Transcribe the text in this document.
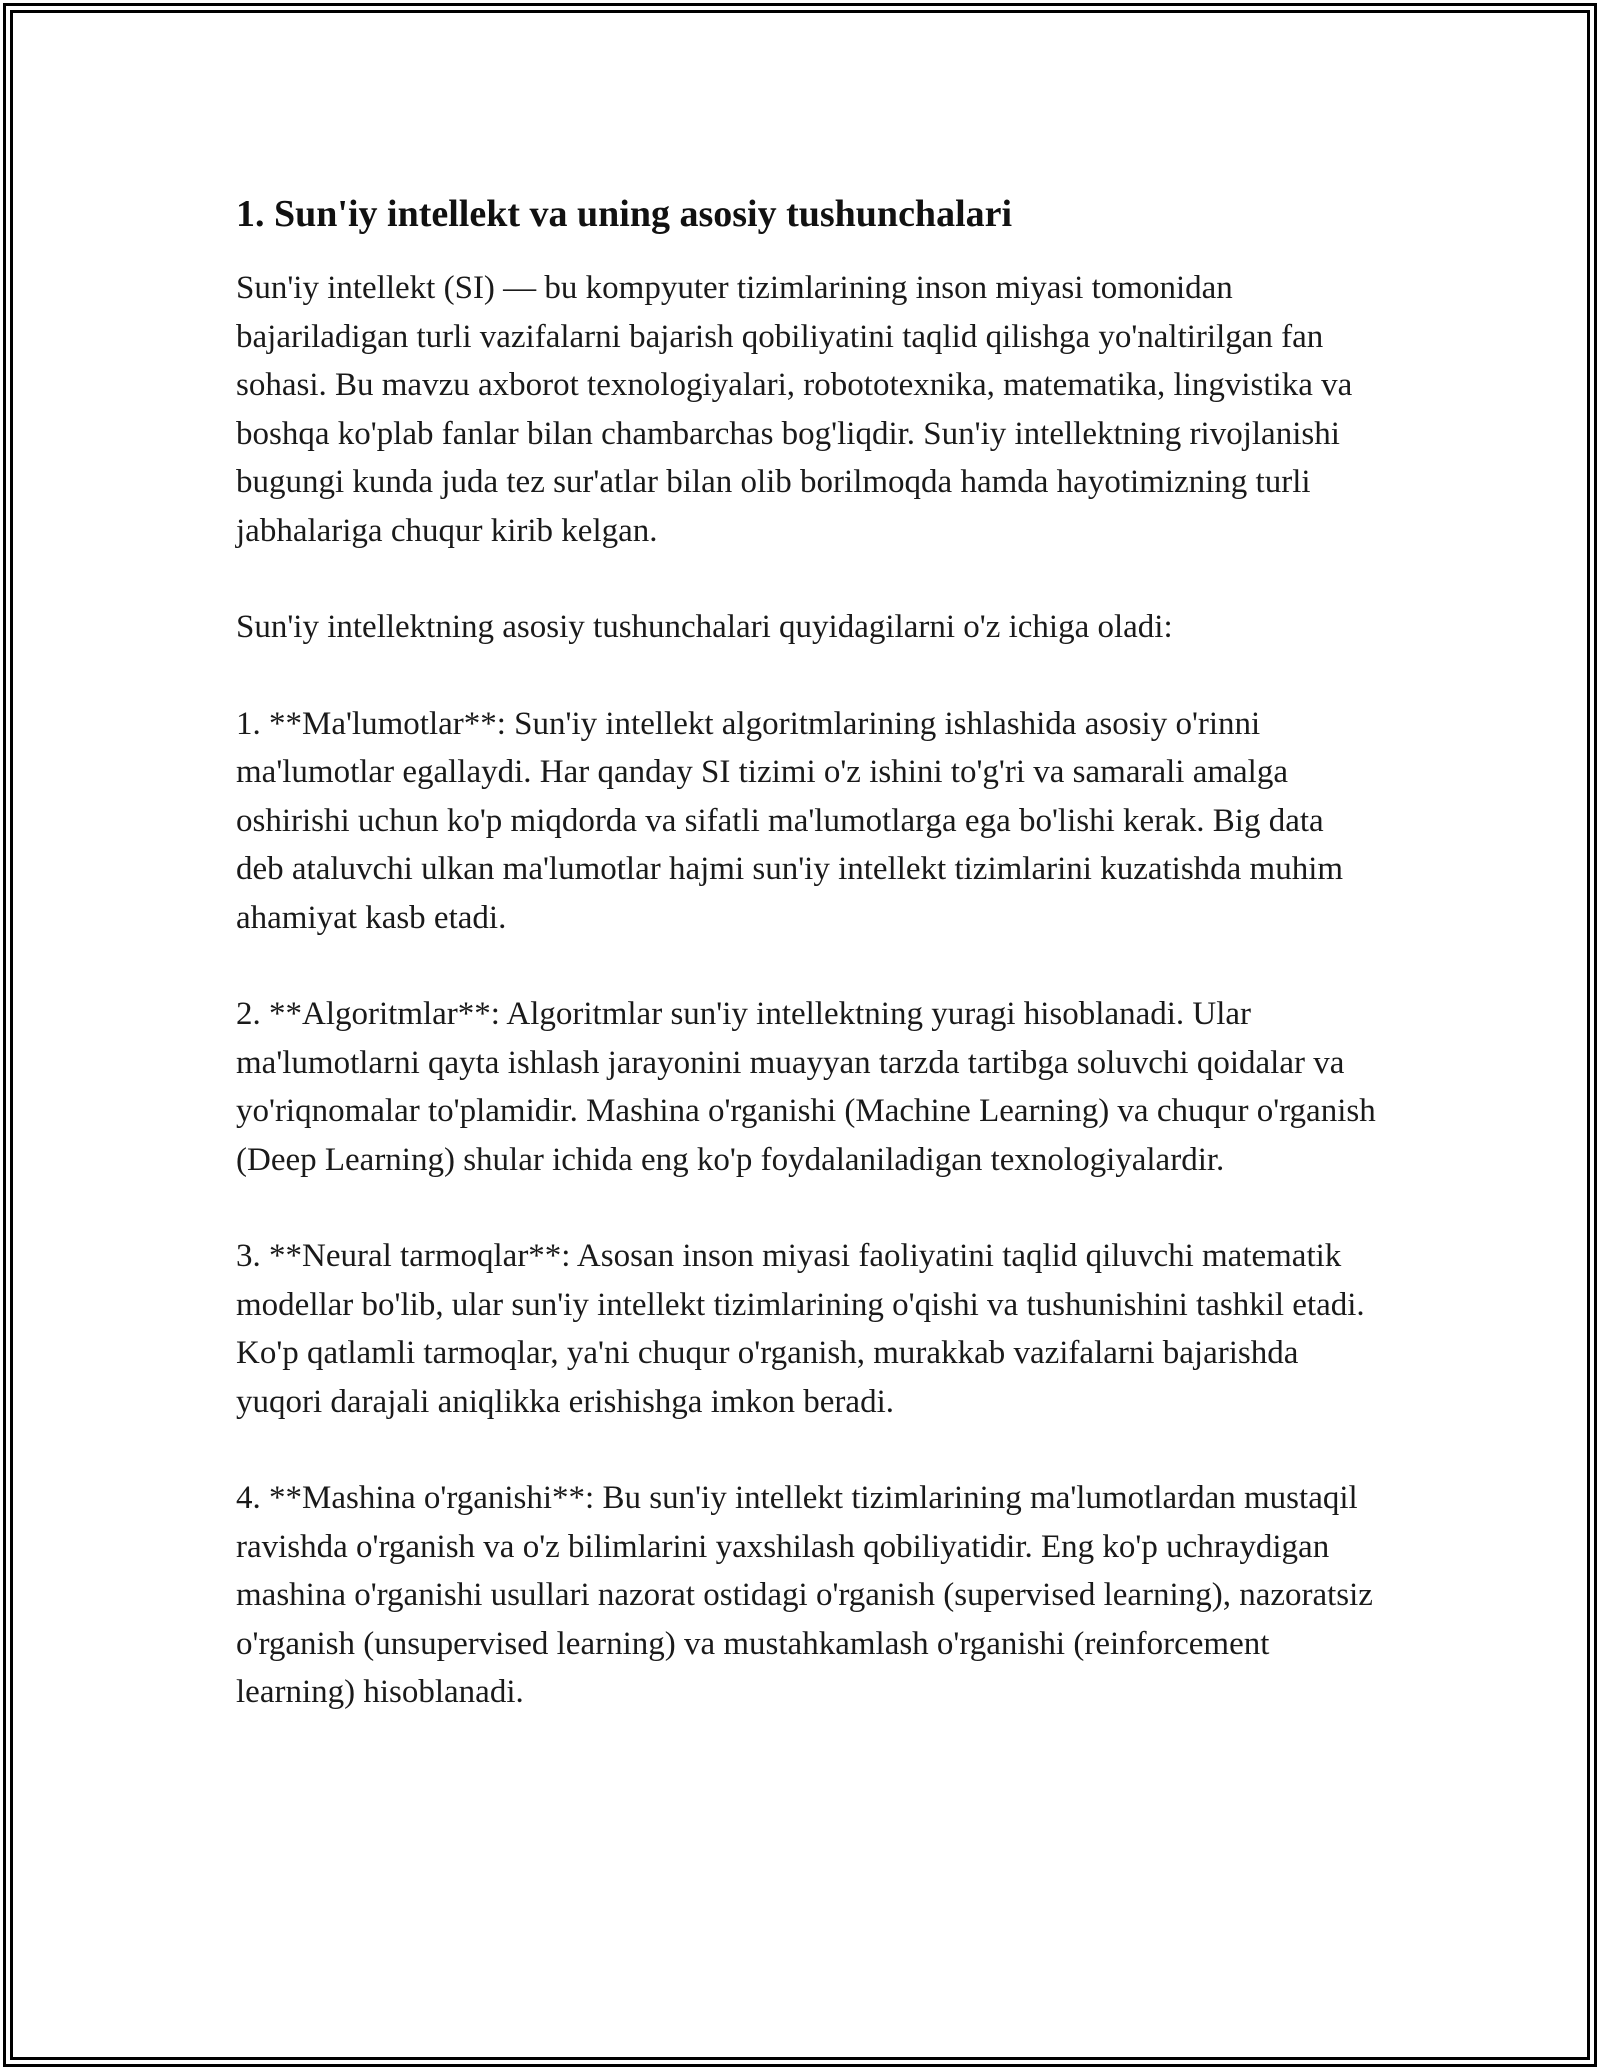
1. Sun'iy intellekt va uning asosiy tushunchalari

Sun'iy intellekt (SI) — bu kompyuter tizimlarining inson miyasi tomonidan bajariladigan turli vazifalarni bajarish qobiliyatini taqlid qilishga yo'naltirilgan fan sohasi. Bu mavzu axborot texnologiyalari, robototexnika, matematika, lingvistika va boshqa ko'plab fanlar bilan chambarchas bog'liqdir. Sun'iy intellektning rivojlanishi bugungi kunda juda tez sur'atlar bilan olib borilmoqda hamda hayotimizning turli jabhalariga chuqur kirib kelgan.

Sun'iy intellektning asosiy tushunchalari quyidagilarni o'z ichiga oladi:

1. **Ma'lumotlar**: Sun'iy intellekt algoritmlarining ishlashida asosiy o'rinni ma'lumotlar egallaydi. Har qanday SI tizimi o'z ishini to'g'ri va samarali amalga oshirishi uchun ko'p miqdorda va sifatli ma'lumotlarga ega bo'lishi kerak. Big data deb ataluvchi ulkan ma'lumotlar hajmi sun'iy intellekt tizimlarini kuzatishda muhim ahamiyat kasb etadi.

2. **Algoritmlar**: Algoritmlar sun'iy intellektning yuragi hisoblanadi. Ular ma'lumotlarni qayta ishlash jarayonini muayyan tarzda tartibga soluvchi qoidalar va yo'riqnomalar to'plamidir. Mashina o'rganishi (Machine Learning) va chuqur o'rganish (Deep Learning) shular ichida eng ko'p foydalaniladigan texnologiyalardir.

3. **Neural tarmoqlar**: Asosan inson miyasi faoliyatini taqlid qiluvchi matematik modellar bo'lib, ular sun'iy intellekt tizimlarining o'qishi va tushunishini tashkil etadi. Ko'p qatlamli tarmoqlar, ya'ni chuqur o'rganish, murakkab vazifalarni bajarishda yuqori darajali aniqlikka erishishga imkon beradi.

4. **Mashina o'rganishi**: Bu sun'iy intellekt tizimlarining ma'lumotlardan mustaqil ravishda o'rganish va o'z bilimlarini yaxshilash qobiliyatidir. Eng ko'p uchraydigan mashina o'rganishi usullari nazorat ostidagi o'rganish (supervised learning), nazoratsiz o'rganish (unsupervised learning) va mustahkamlash o'rganishi (reinforcement learning) hisoblanadi.
